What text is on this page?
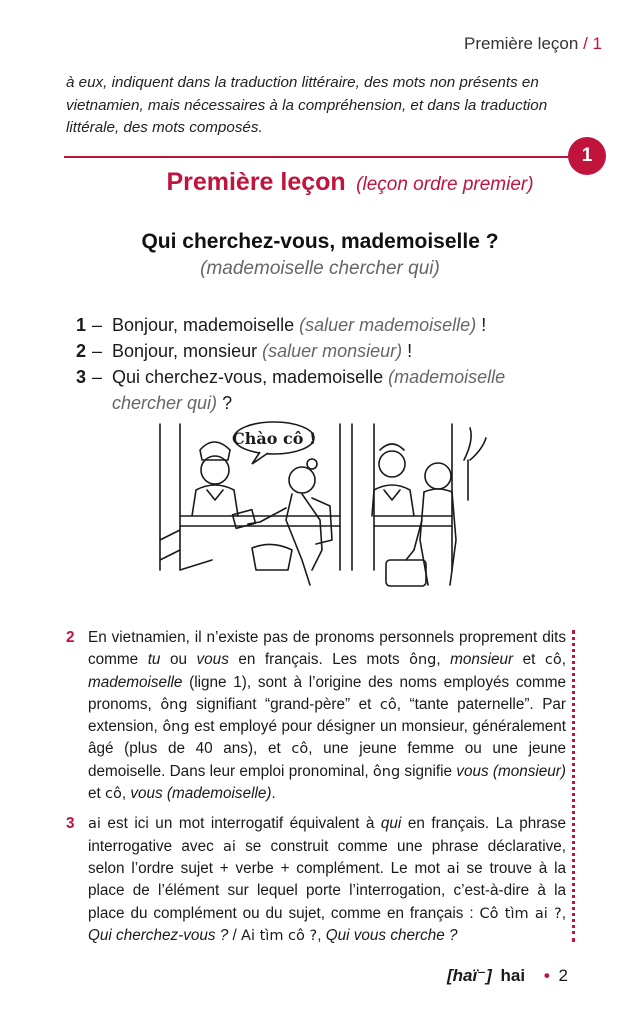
Première leçon / 1
à eux, indiquent dans la traduction littéraire, des mots non présents en vietnamien, mais nécessaires à la compréhension, et dans la traduction littérale, des mots composés.
1
Première leçon (leçon ordre premier)
Qui cherchez-vous, mademoiselle ?
(mademoiselle chercher qui)
1 – Bonjour, mademoiselle (saluer mademoiselle) !
2 – Bonjour, monsieur (saluer monsieur) !
3 – Qui cherchez-vous, mademoiselle (mademoiselle chercher qui) ?
Chào cô !
2 En vietnamien, il n’existe pas de pronoms personnels proprement dits comme tu ou vous en français. Les mots ông, monsieur et cô, mademoiselle (ligne 1), sont à l’origine des noms employés comme pronoms, ông signifiant “grand-père” et cô, “tante paternelle”. Par extension, ông est employé pour désigner un monsieur, généralement âgé (plus de 40 ans), et cô, une jeune femme ou une jeune demoiselle. Dans leur emploi pronominal, ông signifie vous (monsieur) et cô, vous (mademoiselle).
3 ai est ici un mot interrogatif équivalent à qui en français. La phrase interrogative avec ai se construit comme une phrase déclarative, selon l’ordre sujet + verbe + complément. Le mot ai se trouve à la place de l’élément sur lequel porte l’interrogation, c’est-à-dire à la place du complément ou du sujet, comme en français : Cô tìm ai ?, Qui cherchez-vous ? / Ai tìm cô ?, Qui vous cherche ?
[haï⁻] hai • 2
